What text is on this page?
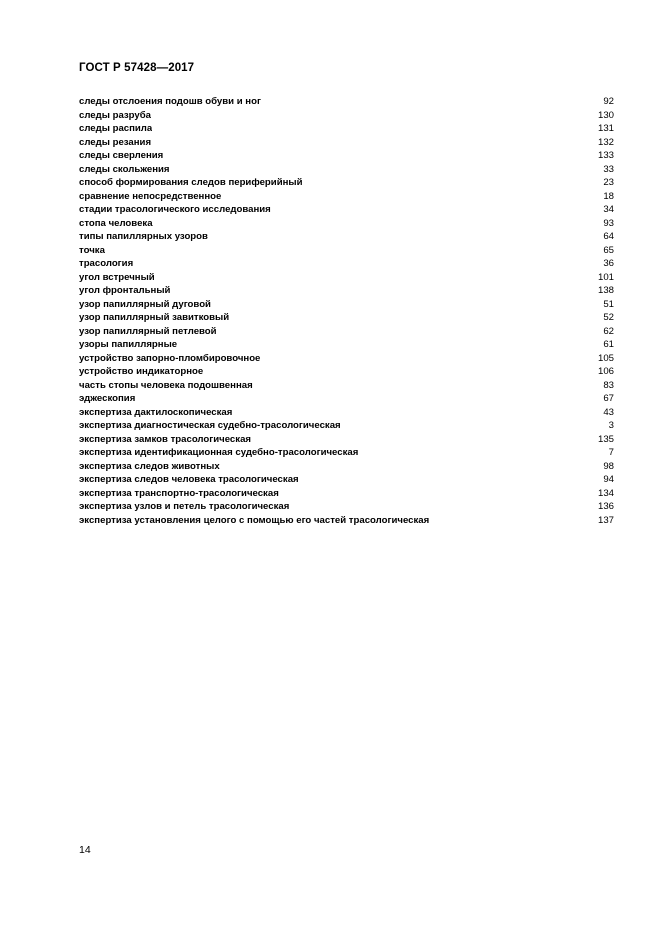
ГОСТ Р 57428—2017
следы отслоения подошв обуви и ног	92
следы разруба	130
следы распила	131
следы резания	132
следы сверления	133
следы скольжения	33
способ формирования следов периферийный	23
сравнение непосредственное	18
стадии трасологического исследования	34
стопа человека	93
типы папиллярных узоров	64
точка	65
трасология	36
угол встречный	101
угол фронтальный	138
узор папиллярный дуговой	51
узор папиллярный завитковый	52
узор папиллярный петлевой	62
узоры папиллярные	61
устройство запорно-пломбировочное	105
устройство индикаторное	106
часть стопы человека подошвенная	83
эджескопия	67
экспертиза дактилоскопическая	43
экспертиза диагностическая судебно-трасологическая	3
экспертиза замков трасологическая	135
экспертиза идентификационная судебно-трасологическая	7
экспертиза следов животных	98
экспертиза следов человека трасологическая	94
экспертиза транспортно-трасологическая	134
экспертиза узлов и петель трасологическая	136
экспертиза установления целого с помощью его частей трасологическая	137
14
